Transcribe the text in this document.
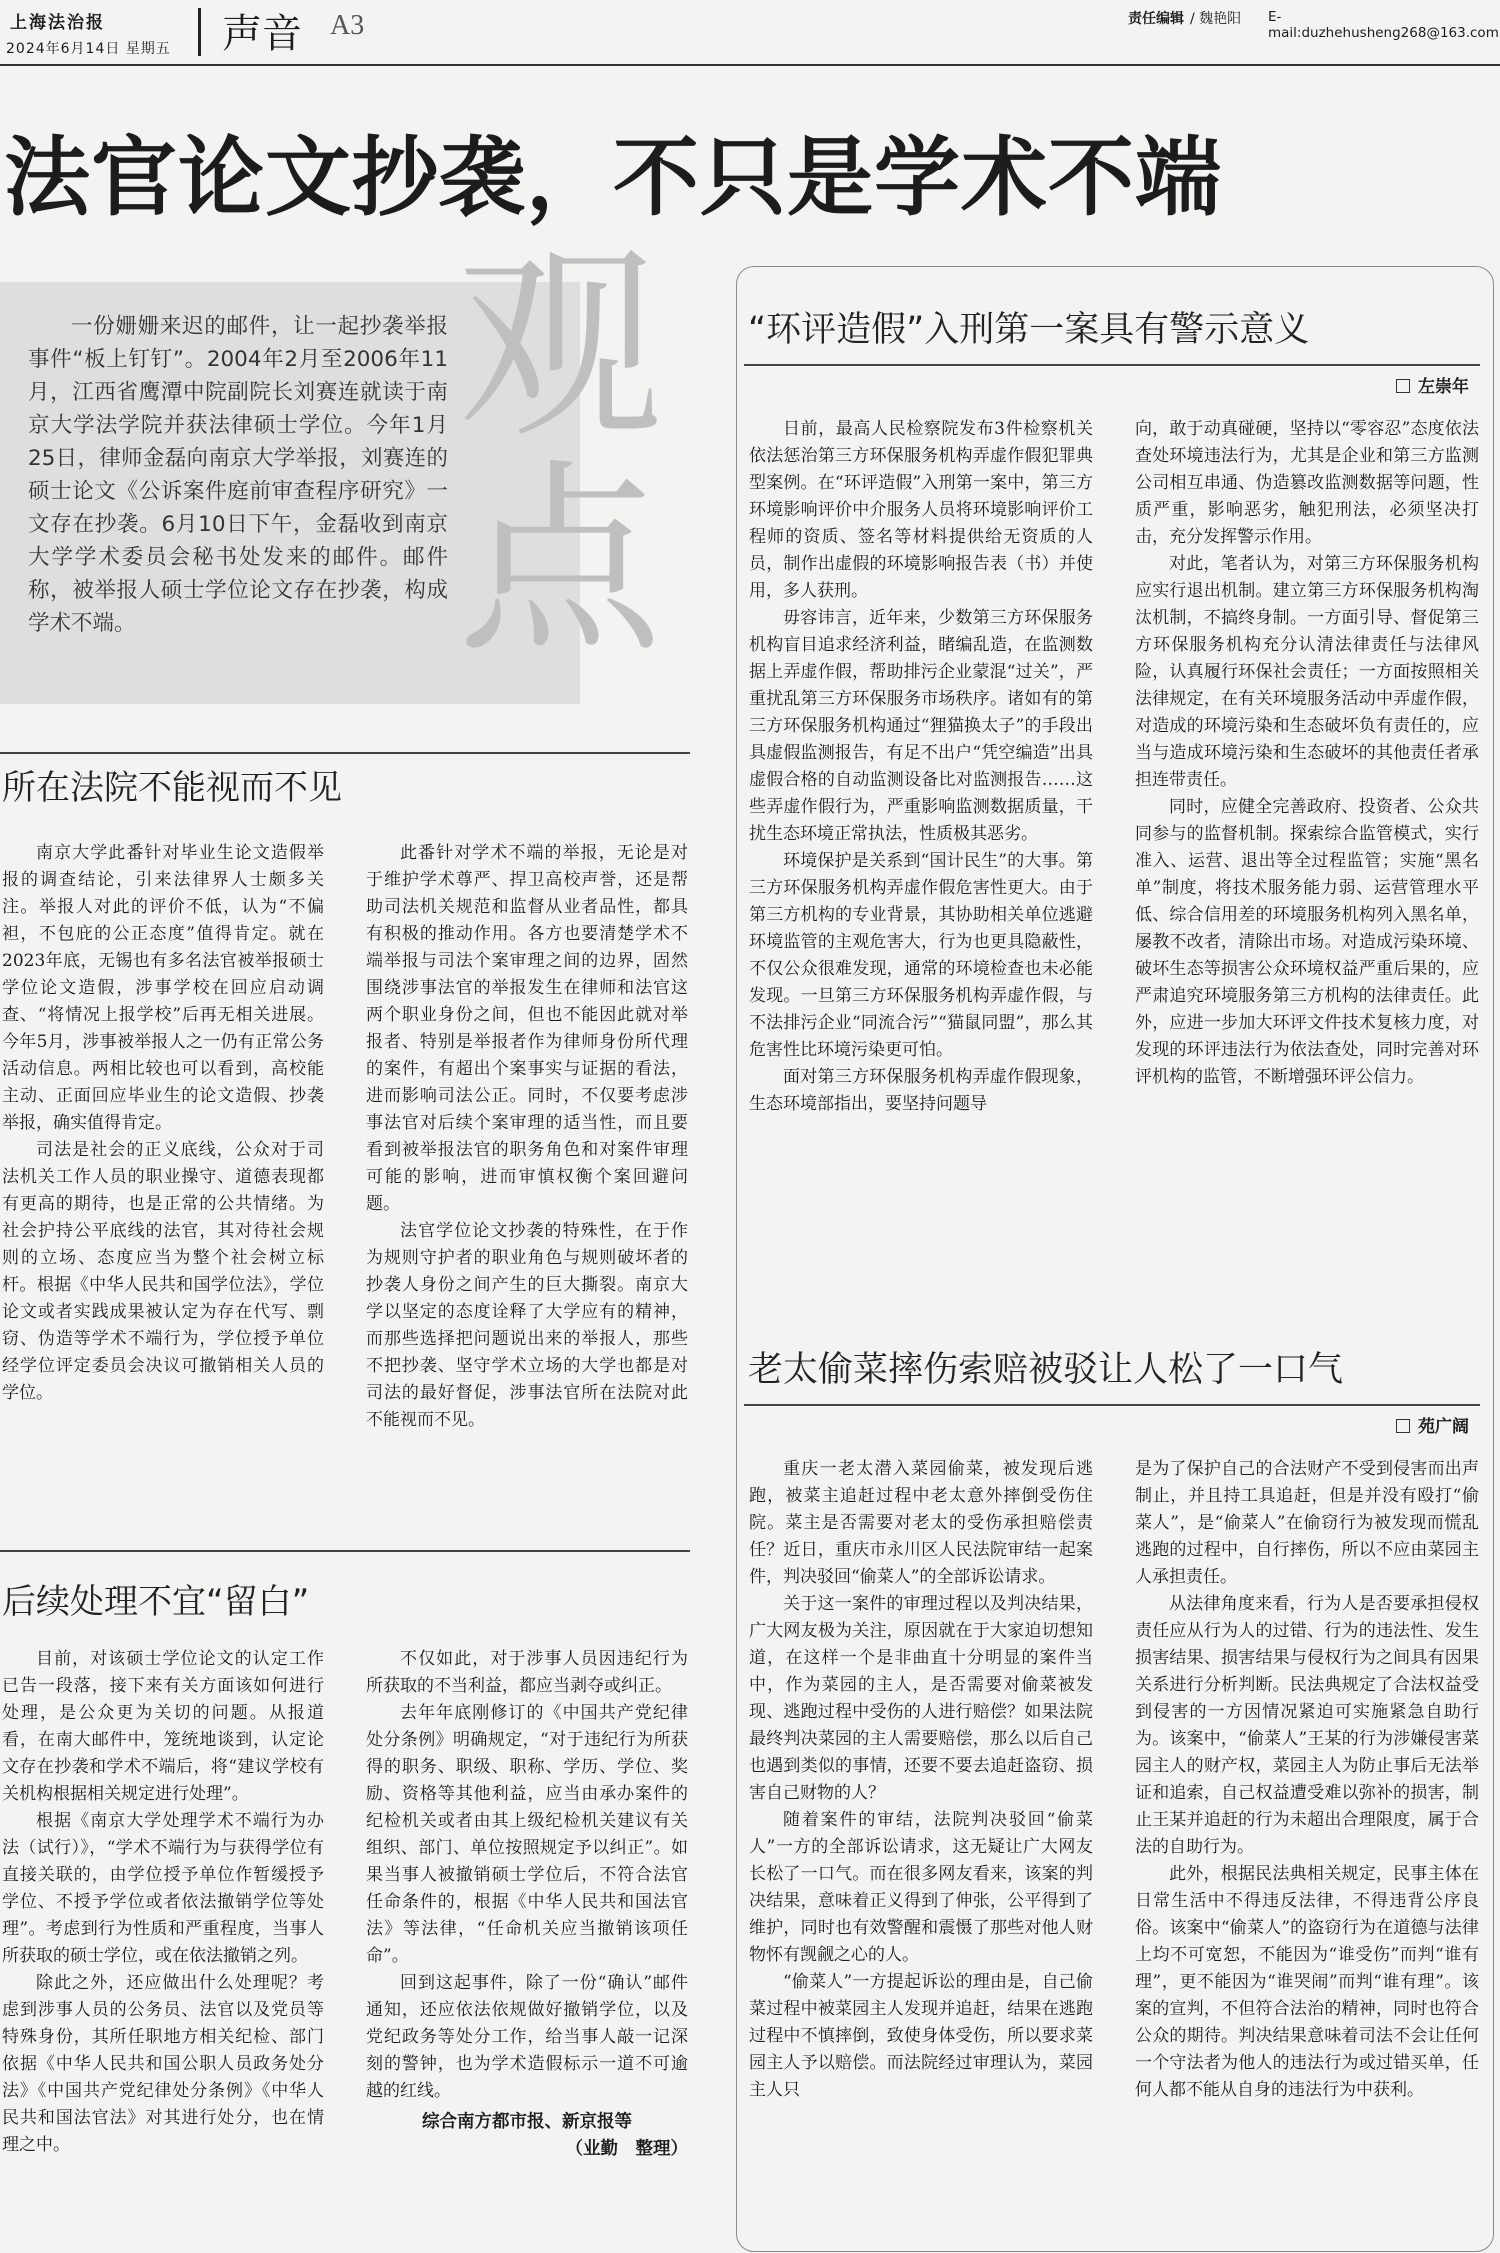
上海法治报
2024年6月14日 星期五 声音 A3	责任编辑 / 魏艳阳 E-mail:duzhehusheng268@163.com
法官论文抄袭，不只是学术不端
一份姗姗来迟的邮件，让一起抄袭举报事件“板上钉钉”。2004年2月至2006年11月，江西省鹰潭中院副院长刘赛连就读于南京大学法学院并获法律硕士学位。今年1月25日，律师金磊向南京大学举报，刘赛连的硕士论文《公诉案件庭前审查程序研究》一文存在抄袭。6月10日下午，金磊收到南京大学学术委员会秘书处发来的邮件。邮件称，被举报人硕士学位论文存在抄袭，构成学术不端。
观
点
所在法院不能视而不见

南京大学此番针对毕业生论文造假举报的调查结论，引来法律界人士颇多关注。举报人对此的评价不低，认为“不偏袒，不包庇的公正态度”值得肯定。就在2023年底，无锡也有多名法官被举报硕士学位论文造假，涉事学校在回应启动调查、“将情况上报学校”后再无相关进展。今年5月，涉事被举报人之一仍有正常公务活动信息。两相比较也可以看到，高校能主动、正面回应毕业生的论文造假、抄袭举报，确实值得肯定。

司法是社会的正义底线，公众对于司法机关工作人员的职业操守、道德表现都有更高的期待，也是正常的公共情绪。为社会护持公平底线的法官，其对待社会规则的立场、态度应当为整个社会树立标杆。根据《中华人民共和国学位法》，学位论文或者实践成果被认定为存在代写、剽窃、伪造等学术不端行为，学位授予单位经学位评定委员会决议可撤销相关人员的学位。

此番针对学术不端的举报，无论是对于维护学术尊严、捍卫高校声誉，还是帮助司法机关规范和监督从业者品性，都具有积极的推动作用。各方也要清楚学术不端举报与司法个案审理之间的边界，固然围绕涉事法官的举报发生在律师和法官这两个职业身份之间，但也不能因此就对举报者、特别是举报者作为律师身份所代理的案件，有超出个案事实与证据的看法，进而影响司法公正。同时，不仅要考虑涉事法官对后续个案审理的适当性，而且要看到被举报法官的职务角色和对案件审理可能的影响，进而审慎权衡个案回避问题。

法官学位论文抄袭的特殊性，在于作为规则守护者的职业角色与规则破坏者的抄袭人身份之间产生的巨大撕裂。南京大学以坚定的态度诠释了大学应有的精神，而那些选择把问题说出来的举报人，那些不把抄袭、坚守学术立场的大学也都是对司法的最好督促，涉事法官所在法院对此不能视而不见。

后续处理不宜“留白”

目前，对该硕士学位论文的认定工作已告一段落，接下来有关方面该如何进行处理，是公众更为关切的问题。从报道看，在南大邮件中，笼统地谈到，认定论文存在抄袭和学术不端后，将“建议学校有关机构根据相关规定进行处理”。

根据《南京大学处理学术不端行为办法（试行）》，“学术不端行为与获得学位有直接关联的，由学位授予单位作暂缓授予学位、不授予学位或者依法撤销学位等处理”。考虑到行为性质和严重程度，当事人所获取的硕士学位，或在依法撤销之列。

除此之外，还应做出什么处理呢？考虑到涉事人员的公务员、法官以及党员等特殊身份，其所任职地方相关纪检、部门依据《中华人民共和国公职人员政务处分法》《中国共产党纪律处分条例》《中华人民共和国法官法》对其进行处分，也在情理之中。

不仅如此，对于涉事人员因违纪行为所获取的不当利益，都应当剥夺或纠正。

去年年底刚修订的《中国共产党纪律处分条例》明确规定，“对于违纪行为所获得的职务、职级、职称、学历、学位、奖励、资格等其他利益，应当由承办案件的纪检机关或者由其上级纪检机关建议有关组织、部门、单位按照规定予以纠正”。如果当事人被撤销硕士学位后，不符合法官任命条件的，根据《中华人民共和国法官法》等法律，“任命机关应当撤销该项任命”。

回到这起事件，除了一份“确认”邮件通知，还应依法依规做好撤销学位，以及党纪政务等处分工作，给当事人敲一记深刻的警钟，也为学术造假标示一道不可逾越的红线。

综合南方都市报、新京报等
（业勤　整理）
“环评造假”入刑第一案具有警示意义
左崇年

日前，最高人民检察院发布3件检察机关依法惩治第三方环保服务机构弄虚作假犯罪典型案例。在“环评造假”入刑第一案中，第三方环境影响评价中介服务人员将环境影响评价工程师的资质、签名等材料提供给无资质的人员，制作出虚假的环境影响报告表（书）并使用，多人获刑。

毋容讳言，近年来，少数第三方环保服务机构盲目追求经济利益，睹编乱造，在监测数据上弄虚作假，帮助排污企业蒙混“过关”，严重扰乱第三方环保服务市场秩序。诸如有的第三方环保服务机构通过“狸猫换太子”的手段出具虚假监测报告，有足不出户“凭空编造”出具虚假合格的自动监测设备比对监测报告……这些弄虚作假行为，严重影响监测数据质量，干扰生态环境正常执法，性质极其恶劣。

环境保护是关系到“国计民生”的大事。第三方环保服务机构弄虚作假危害性更大。由于第三方机构的专业背景，其协助相关单位逃避环境监管的主观危害大，行为也更具隐蔽性，不仅公众很难发现，通常的环境检查也未必能发现。一旦第三方环保服务机构弄虚作假，与不法排污企业“同流合污”“猫鼠同盟”，那么其危害性比环境污染更可怕。

面对第三方环保服务机构弄虚作假现象，生态环境部指出，要坚持问题导

向，敢于动真碰硬，坚持以“零容忍”态度依法查处环境违法行为，尤其是企业和第三方监测公司相互串通、伪造篡改监测数据等问题，性质严重，影响恶劣，触犯刑法，必须坚决打击，充分发挥警示作用。

对此，笔者认为，对第三方环保服务机构应实行退出机制。建立第三方环保服务机构淘汰机制，不搞终身制。一方面引导、督促第三方环保服务机构充分认清法律责任与法律风险，认真履行环保社会责任；一方面按照相关法律规定，在有关环境服务活动中弄虚作假，对造成的环境污染和生态破坏负有责任的，应当与造成环境污染和生态破坏的其他责任者承担连带责任。

同时，应健全完善政府、投资者、公众共同参与的监督机制。探索综合监管模式，实行准入、运营、退出等全过程监管；实施“黑名单”制度，将技术服务能力弱、运营管理水平低、综合信用差的环境服务机构列入黑名单，屡教不改者，清除出市场。对造成污染环境、破坏生态等损害公众环境权益严重后果的，应严肃追究环境服务第三方机构的法律责任。此外，应进一步加大环评文件技术复核力度，对发现的环评违法行为依法查处，同时完善对环评机构的监管，不断增强环评公信力。

老太偷菜摔伤索赔被驳让人松了一口气
苑广阔

重庆一老太潜入菜园偷菜，被发现后逃跑，被菜主追赶过程中老太意外摔倒受伤住院。菜主是否需要对老太的受伤承担赔偿责任？近日，重庆市永川区人民法院审结一起案件，判决驳回“偷菜人”的全部诉讼请求。

关于这一案件的审理过程以及判决结果，广大网友极为关注，原因就在于大家迫切想知道，在这样一个是非曲直十分明显的案件当中，作为菜园的主人，是否需要对偷菜被发现、逃跑过程中受伤的人进行赔偿？如果法院最终判决菜园的主人需要赔偿，那么以后自己也遇到类似的事情，还要不要去追赶盗窃、损害自己财物的人？

随着案件的审结，法院判决驳回“偷菜人”一方的全部诉讼请求，这无疑让广大网友长松了一口气。而在很多网友看来，该案的判决结果，意味着正义得到了伸张，公平得到了维护，同时也有效警醒和震慑了那些对他人财物怀有觊觎之心的人。

“偷菜人”一方提起诉讼的理由是，自己偷菜过程中被菜园主人发现并追赶，结果在逃跑过程中不慎摔倒，致使身体受伤，所以要求菜园主人予以赔偿。而法院经过审理认为，菜园主人只

是为了保护自己的合法财产不受到侵害而出声制止，并且持工具追赶，但是并没有殴打“偷菜人”，是“偷菜人”在偷窃行为被发现而慌乱逃跑的过程中，自行摔伤，所以不应由菜园主人承担责任。

从法律角度来看，行为人是否要承担侵权责任应从行为人的过错、行为的违法性、发生损害结果、损害结果与侵权行为之间具有因果关系进行分析判断。民法典规定了合法权益受到侵害的一方因情况紧迫可实施紧急自助行为。该案中，“偷菜人”王某的行为涉嫌侵害菜园主人的财产权，菜园主人为防止事后无法举证和追索，自己权益遭受难以弥补的损害，制止王某并追赶的行为未超出合理限度，属于合法的自助行为。

此外，根据民法典相关规定，民事主体在日常生活中不得违反法律，不得违背公序良俗。该案中“偷菜人”的盗窃行为在道德与法律上均不可宽恕，不能因为“谁受伤”而判“谁有理”，更不能因为“谁哭闹”而判“谁有理”。该案的宣判，不但符合法治的精神，同时也符合公众的期待。判决结果意味着司法不会让任何一个守法者为他人的违法行为或过错买单，任何人都不能从自身的违法行为中获利。
